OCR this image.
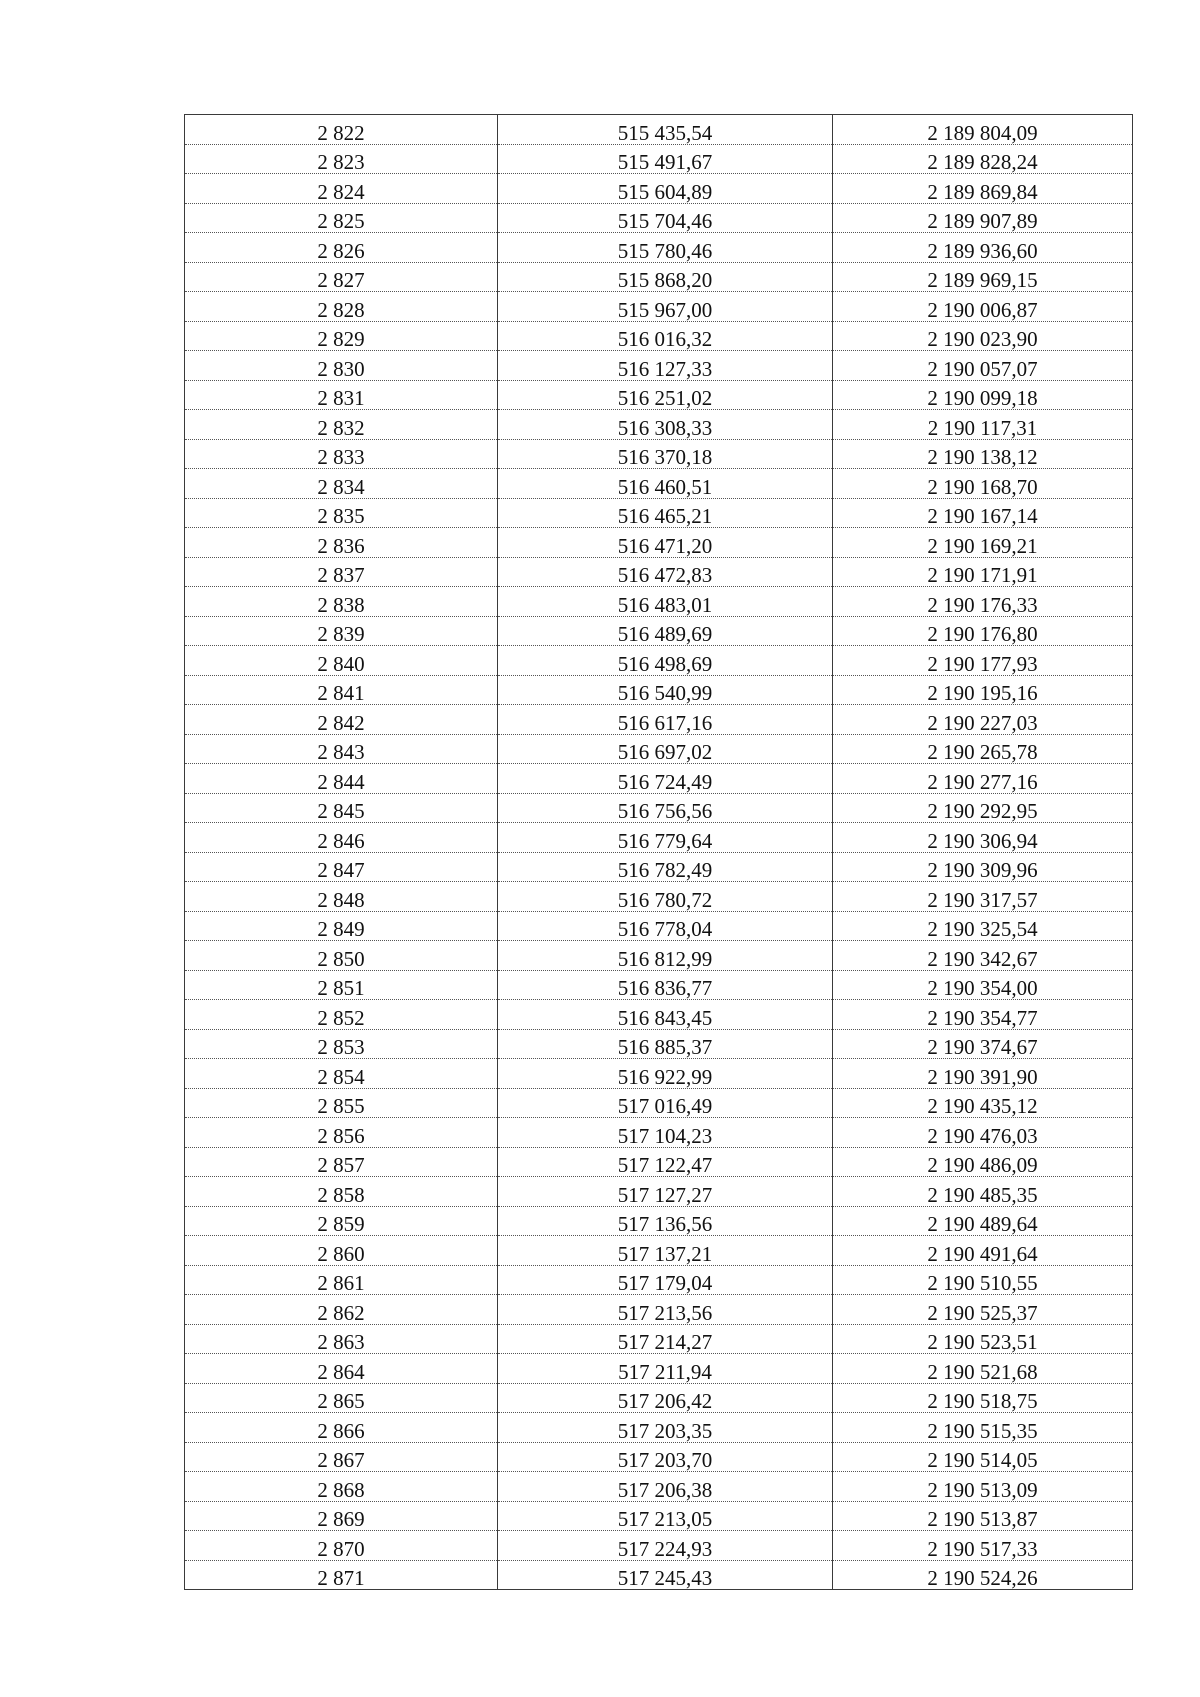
2 822	515 435,54	2 189 804,09
2 823	515 491,67	2 189 828,24
2 824	515 604,89	2 189 869,84
2 825	515 704,46	2 189 907,89
2 826	515 780,46	2 189 936,60
2 827	515 868,20	2 189 969,15
2 828	515 967,00	2 190 006,87
2 829	516 016,32	2 190 023,90
2 830	516 127,33	2 190 057,07
2 831	516 251,02	2 190 099,18
2 832	516 308,33	2 190 117,31
2 833	516 370,18	2 190 138,12
2 834	516 460,51	2 190 168,70
2 835	516 465,21	2 190 167,14
2 836	516 471,20	2 190 169,21
2 837	516 472,83	2 190 171,91
2 838	516 483,01	2 190 176,33
2 839	516 489,69	2 190 176,80
2 840	516 498,69	2 190 177,93
2 841	516 540,99	2 190 195,16
2 842	516 617,16	2 190 227,03
2 843	516 697,02	2 190 265,78
2 844	516 724,49	2 190 277,16
2 845	516 756,56	2 190 292,95
2 846	516 779,64	2 190 306,94
2 847	516 782,49	2 190 309,96
2 848	516 780,72	2 190 317,57
2 849	516 778,04	2 190 325,54
2 850	516 812,99	2 190 342,67
2 851	516 836,77	2 190 354,00
2 852	516 843,45	2 190 354,77
2 853	516 885,37	2 190 374,67
2 854	516 922,99	2 190 391,90
2 855	517 016,49	2 190 435,12
2 856	517 104,23	2 190 476,03
2 857	517 122,47	2 190 486,09
2 858	517 127,27	2 190 485,35
2 859	517 136,56	2 190 489,64
2 860	517 137,21	2 190 491,64
2 861	517 179,04	2 190 510,55
2 862	517 213,56	2 190 525,37
2 863	517 214,27	2 190 523,51
2 864	517 211,94	2 190 521,68
2 865	517 206,42	2 190 518,75
2 866	517 203,35	2 190 515,35
2 867	517 203,70	2 190 514,05
2 868	517 206,38	2 190 513,09
2 869	517 213,05	2 190 513,87
2 870	517 224,93	2 190 517,33
2 871	517 245,43	2 190 524,26
